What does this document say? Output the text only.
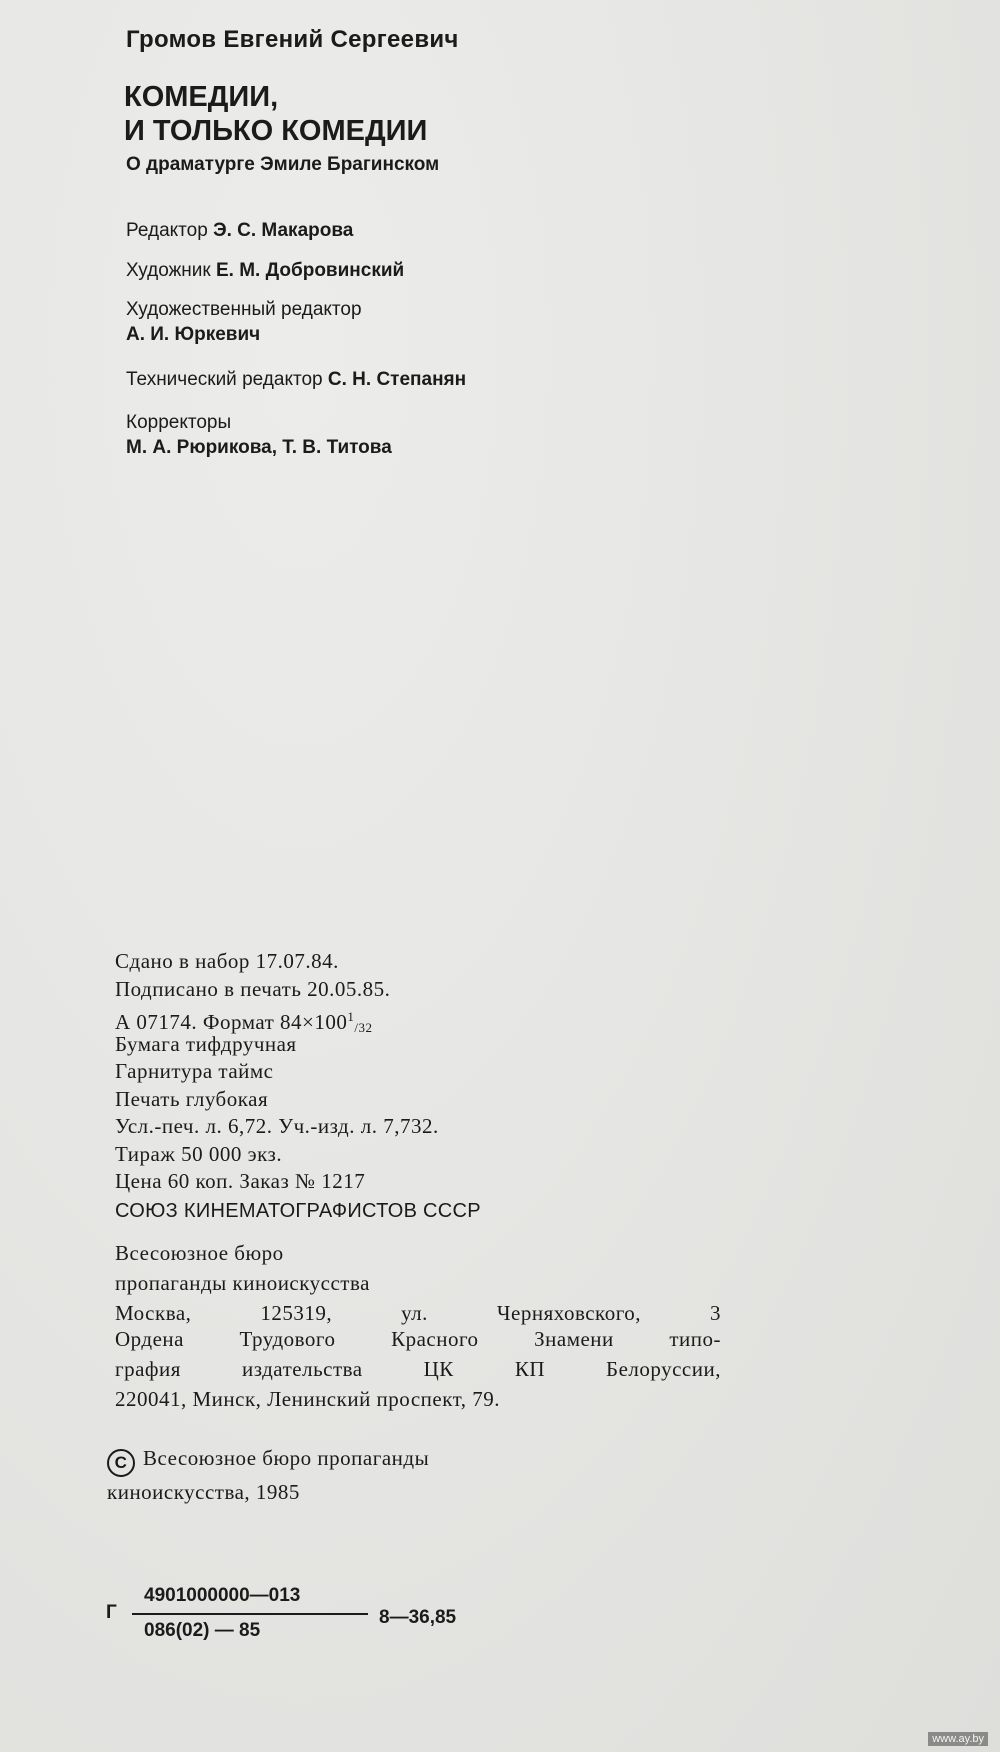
Громов Евгений Сергеевич
КОМЕДИИ,
И ТОЛЬКО КОМЕДИИ
О драматурге Эмиле Брагинском
Редактор Э. С. Макарова
Художник Е. М. Добровинский
Художественный редактор
А. И. Юркевич
Технический редактор С. Н. Степанян
Корректоры
М. А. Рюрикова, Т. В. Титова
Сдано в набор 17.07.84.
Подписано в печать 20.05.85.
А 07174. Формат $84\times 100^1/32$
Бумага тифдручная
Гарнитура таймс
Печать глубокая
Усл.-печ. л. 6,72. Уч.-изд. л. 7,732.
Тираж 50 000 экз.
Цена 60 коп. Заказ № 1217
СОЮЗ КИНЕМАТОГРАФИСТОВ СССР
Всесоюзное бюро
пропаганды киноискусства
Москва,	125319,	ул.	Черняховского,	3
Ордена	Трудового	Красного	Знамени	типо-
графия	издательства	ЦК	КП	Белоруссии,
220041, Минск, Ленинский проспект, 79.
С Всесоюзное бюро пропаганды
киноискусства, 1985
Г
4901000000—013
086(02) — 85
8—36,85
www.ay.by
